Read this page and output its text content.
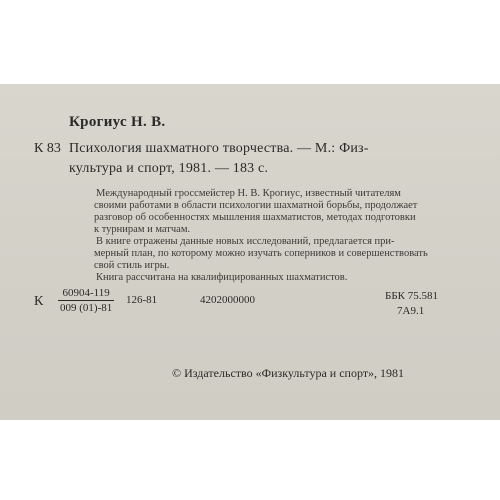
Крогиус Н. В.
К 83 Психология шахматного творчества. — М.: Физ-
культура и спорт, 1981. — 183 с.
Международный гроссмейстер Н. В. Крогиус, известный читателям
своими работами в области психологии шахматной борьбы, продолжает
разговор об особенностях мышления шахматистов, методах подготовки
к турнирам и матчам.
В книге отражены данные новых исследований, предлагается при-
мерный план, по которому можно изучать соперников и совершенствовать
свой стиль игры.
Книга рассчитана на квалифицированных шахматистов.
К $\frac{60904-119}{009 (01)-81} 126-81$	4202000000	ББК 75.581
7А9.1
© Издательство «Физкультура и спорт», 1981
